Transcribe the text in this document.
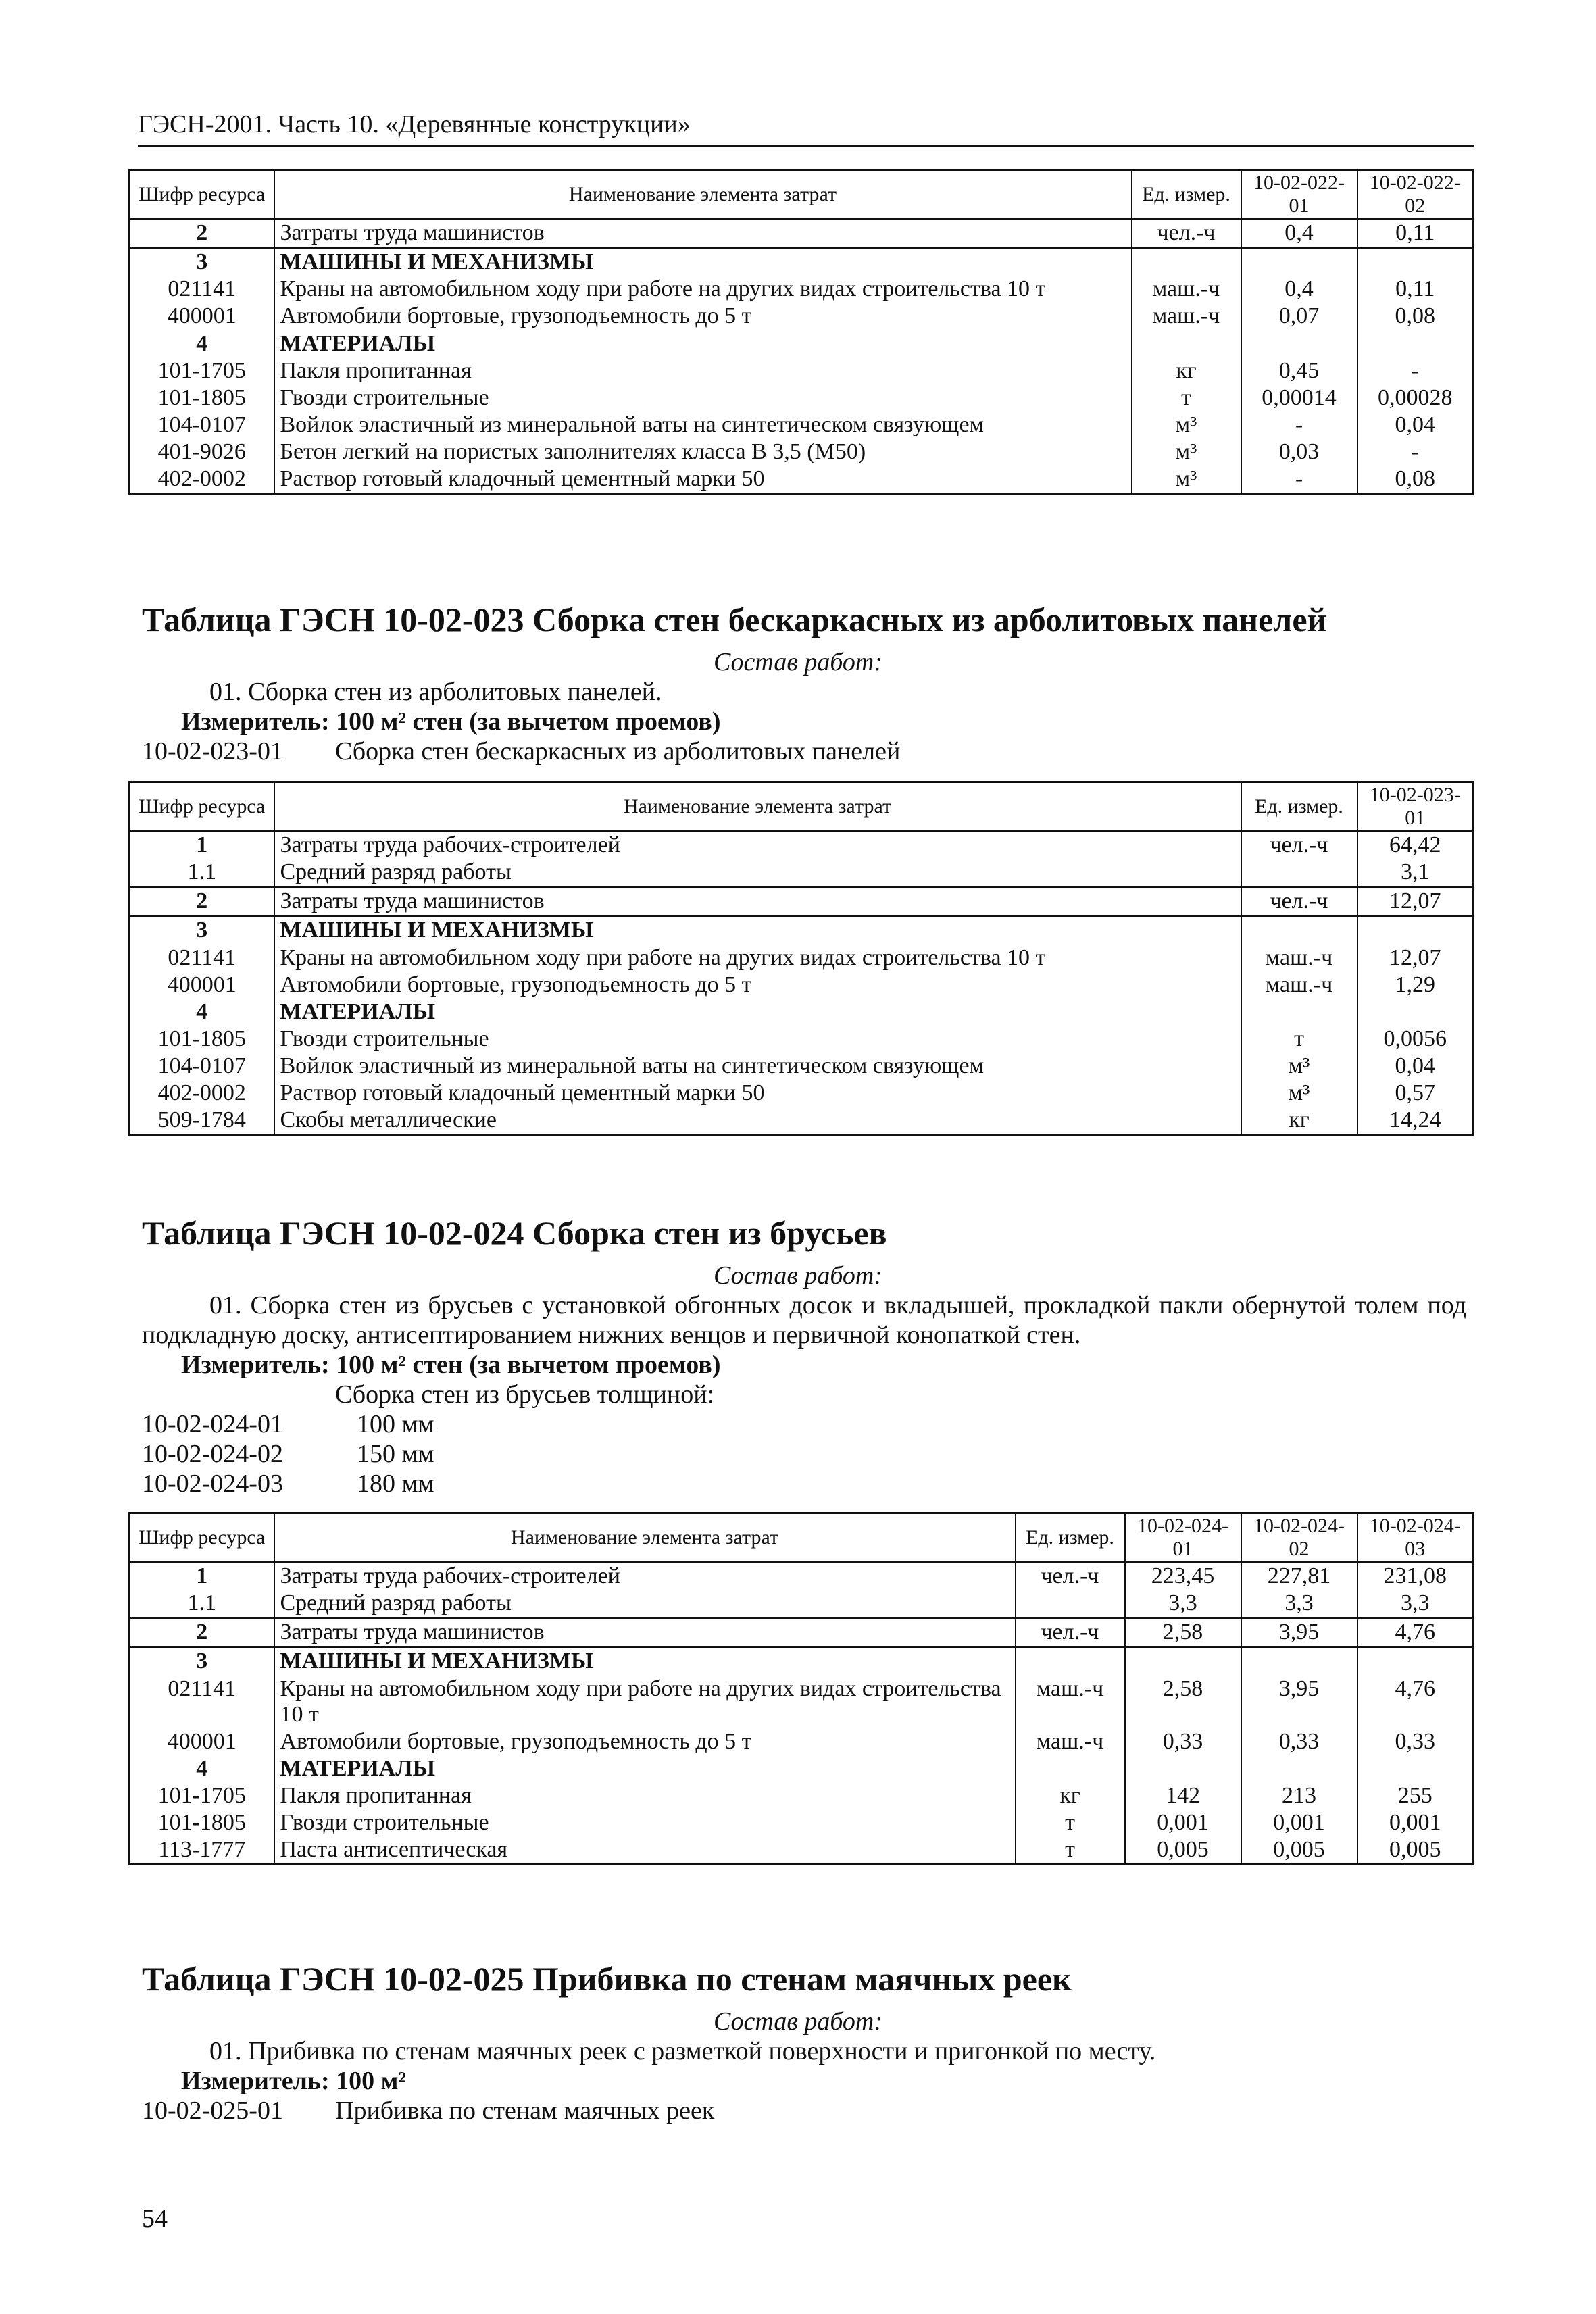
ГЭСН-2001. Часть 10. «Деревянные конструкции»
Шифр ресурса	Наименование элемента затрат	Ед. измер.	10-02-022-01	10-02-022-02
2	Затраты труда машинистов	чел.-ч	0,4	0,11
3	МАШИНЫ И МЕХАНИЗМЫ			
021141	Краны на автомобильном ходу при работе на других видах строительства 10 т	маш.-ч	0,4	0,11
400001	Автомобили бортовые, грузоподъемность до 5 т	маш.-ч	0,07	0,08
4	МАТЕРИАЛЫ			
101-1705	Пакля пропитанная	кг	0,45	-
101-1805	Гвозди строительные	т	0,00014	0,00028
104-0107	Войлок эластичный из минеральной ваты на синтетическом связующем	м³	-	0,04
401-9026	Бетон легкий на пористых заполнителях класса В 3,5 (М50)	м³	0,03	-
402-0002	Раствор готовый кладочный цементный марки 50	м³	-	0,08
Таблица ГЭСН 10-02-023 Сборка стен бескаркасных из арболитовых панелей
Состав работ:
01. Сборка стен из арболитовых панелей.
Измеритель: 100 м² стен (за вычетом проемов)
10-02-023-01 Сборка стен бескаркасных из арболитовых панелей
Шифр ресурса	Наименование элемента затрат	Ед. измер.	10-02-023-01
1	Затраты труда рабочих-строителей	чел.-ч	64,42
1.1	Средний разряд работы		3,1
2	Затраты труда машинистов	чел.-ч	12,07
3	МАШИНЫ И МЕХАНИЗМЫ		
021141	Краны на автомобильном ходу при работе на других видах строительства 10 т	маш.-ч	12,07
400001	Автомобили бортовые, грузоподъемность до 5 т	маш.-ч	1,29
4	МАТЕРИАЛЫ		
101-1805	Гвозди строительные	т	0,0056
104-0107	Войлок эластичный из минеральной ваты на синтетическом связующем	м³	0,04
402-0002	Раствор готовый кладочный цементный марки 50	м³	0,57
509-1784	Скобы металлические	кг	14,24
Таблица ГЭСН 10-02-024 Сборка стен из брусьев
Состав работ:
01. Сборка стен из брусьев с установкой обгонных досок и вкладышей, прокладкой пакли обернутой толем под подкладную доску, антисептированием нижних венцов и первичной конопаткой стен.
Измеритель: 100 м² стен (за вычетом проемов)
Сборка стен из брусьев толщиной:
10-02-024-01	100 мм
10-02-024-02	150 мм
10-02-024-03	180 мм
Шифр ресурса	Наименование элемента затрат	Ед. измер.	10-02-024-01	10-02-024-02	10-02-024-03
1	Затраты труда рабочих-строителей	чел.-ч	223,45	227,81	231,08
1.1	Средний разряд работы		3,3	3,3	3,3
2	Затраты труда машинистов	чел.-ч	2,58	3,95	4,76
3	МАШИНЫ И МЕХАНИЗМЫ				
021141	Краны на автомобильном ходу при работе на других видах строительства 10 т	маш.-ч	2,58	3,95	4,76
400001	Автомобили бортовые, грузоподъемность до 5 т	маш.-ч	0,33	0,33	0,33
4	МАТЕРИАЛЫ				
101-1705	Пакля пропитанная	кг	142	213	255
101-1805	Гвозди строительные	т	0,001	0,001	0,001
113-1777	Паста антисептическая	т	0,005	0,005	0,005
Таблица ГЭСН 10-02-025 Прибивка по стенам маячных реек
Состав работ:
01. Прибивка по стенам маячных реек с разметкой поверхности и пригонкой по месту.
Измеритель: 100 м²
10-02-025-01 Прибивка по стенам маячных реек
54
